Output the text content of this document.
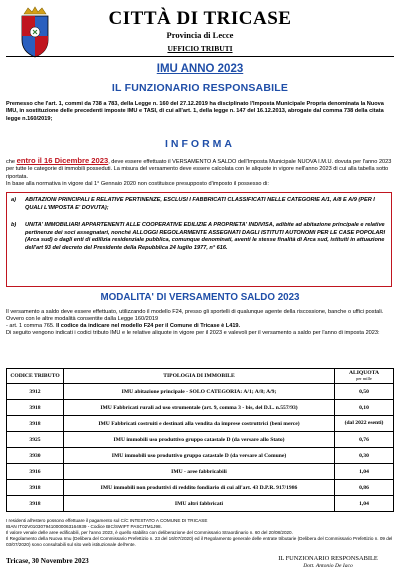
CITTÀ DI TRICASE
Provincia di Lecce
UFFICIO TRIBUTI
IMU ANNO 2023
IL FUNZIONARIO RESPONSABILE
Premesso che l'art. 1, commi da 738 a 783, della Legge n. 160 del 27.12.2019 ha disciplinato l'Imposta Municipale Propria denominata la Nuova IMU, in sostituzione delle precedenti imposte IMU e TASI, di cui all'art. 1, della legge n. 147 del 16.12.2013, abrogate dal comma 738 della citata legge n.160/2019;
INFORMA
che entro il 16 Dicembre 2023, deve essere effettuato il VERSAMENTO A SALDO dell'Imposta Municipale NUOVA I.M.U. dovuta per l'anno 2023 per tutte le categorie di immobili posseduti. La misura del versamento deve essere calcolata con le aliquote in vigore nell'anno 2023 di cui alla tabella sotto riportata.
In base alla normativa in vigore dal 1° Gennaio 2020 non costituisce presupposto d'imposto il possesso di:
a)	ABITAZIONI PRINCIPALI E RELATIVE PERTINENZE, ESCLUSI I FABBRICATI CLASSIFICATI NELLE CATEGORIE A/1, A/8 E A/9 (PER I QUALI L'IMPOSTA E' DOVUTA);
b)	UNITA' IMMOBILIARI APPARTENENTI ALLE COOPERATIVE EDILIZIE A PROPRIETA' INDIVISA, adibite ad abitazione principale e relative pertinenze dei soci assegnatari, nonché ALLOGGI REGOLARMENTE ASSEGNATI DAGLI ISTITUTI AUTONOMI PER LE CASE POPOLARI (Arca sud) o dagli enti di edilizia residenziale pubblica, comunque denominati, aventi le stesse finalità di Arca sud, istituiti in attuazione dell'art 93 del decreto del Presidente della Repubblica 24 luglio 1977, n° 616.
MODALITA' DI VERSAMENTO SALDO 2023
Il versamento a saldo deve essere effettuato, utilizzando il modello F24, presso gli sportelli di qualunque agente della riscossione, banche o uffici postali. Ovvero con le altre modalità consentite dalla Legge 160/2019
- art. 1 comma 765. Il codice da indicare nel modello F24 per il Comune di Tricase è L419.
Di seguito vengono indicati i codici tributo IMU e le relative aliquote in vigore per il 2023 e valevoli per il versamento a saldo per l'anno di imposta 2023:
CODICE TRIBUTO	TIPOLOGIA DI IMMOBILE	ALIQUOTA
per mille
3912	IMU abitazione principale - SOLO CATEGORIA: A/1; A/8; A/9;	0,50
3918	IMU Fabbricati rurali ad uso strumentale (art. 9, comma 3 - bis, del D.L. n.557/93)	0,10
3918	IMU Fabbricati costruiti e destinati alla vendita da imprese costruttrici (beni merce)	(dal 2022 esenti)
3925	IMU immobili uso produttivo gruppo catastale D (da versare allo Stato)	0,76
3930	IMU immobili uso produttivo gruppo catastale D (da versare al Comune)	0,30
3916	IMU - aree fabbricabili	1,04
3918	IMU immobili non produttivi di reddito fondiario di cui all'art. 43 D.P.R. 917/1986	0,86
3918	IMU altri fabbricati	1,04
I residenti all'estero possono effettuare il pagamento sul C/C INTESTATO A COMUNE DI TRICASE
IBAN IT02V0103079410000063164939 - Codice BIC/SWIFT PASCITM1J98.
Il valore venale delle aree edificabili, per l'anno 2023, è quello stabilito con deliberazione del Commissario Straordinario n. 60 del 20/08/2020.
Il Regolamento della Nuova Imu (Delibera del Commissario Prefettizio n. 23 del 16/07/2020) ed il Regolamento generale delle entrate tributarie (Delibera del Commissario Prefettizio n. 09 del 03/07/2020) sono consultabili sul sito web istituzionale dell'ente.
Tricase, 30 Novembre 2023	IL FUNZIONARIO RESPONSABILE
Dott. Antonio De Iaco
